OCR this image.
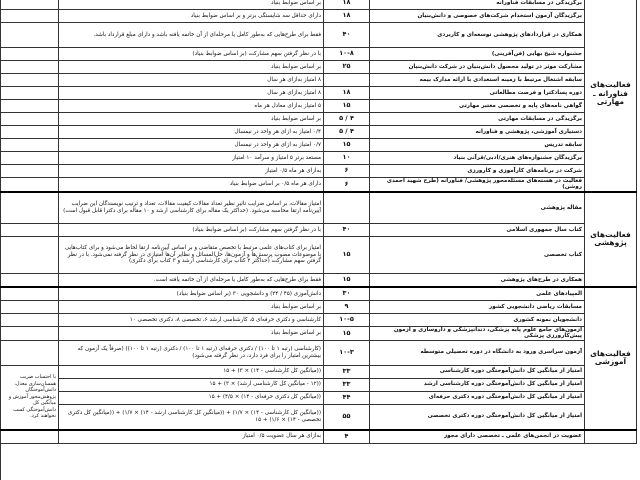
فعالیت‌های فناورانه ـ مهارتی	برگزیدگی در مسابقات فناورانه	۱۸	بر اساس ضوابط بنیاد	
	برگزیدگان آزمون استخدام شرکت‌های خصوصی و دانش‌بنیان	۱۸	دارای حداقل سه شایستگی برتر و بر اساس ضوابط بنیاد	
	همکاری در قراردادهای پژوهشی توسعه‌ای و کاربردی	۴۰	فقط برای طرح‌هایی که به‌طور کامل یا مرحله‌ای از آن خاتمه یافته باشد و دارای مبلغ قرارداد باشد.	
	جشنواره شیخ بهایی (فن‌آفرینی)	۱۰-۸	با در نظر گرفتن سهم مشارکت (بر اساس ضوابط بنیاد)	
	مشارکت موثر در تولید محصول دانش‌بنیان در شرکت دانش‌بنیان	۲۵	بر اساس ضوابط بنیاد	
	سابقه اشتغال مرتبط با زمینه استعدادی با ارائه مدارک بیمه		۸ امتیاز به‌ازای هر سال	
	دوره پسادکترا و فرصت مطالعاتی	۱۸	۸ امتیاز به‌ازای هر سال	
	گواهی نامه‌های پایه و تخصصی معتبر مهارتی	۱۵	۵ امتیاز به‌ازای معادل هر ماه	
	برگزیدگی در مسابقات مهارتی	۴ / ۵	بر اساس ضوابط بنیاد	
	دستیاری آموزشی، پژوهشی و فناورانه	۴ / ۵	۰/۴ امتیاز به ازای هر واحد در نیمسال	
	سابقه تدریس	۱۵	۰/۷ امتیاز به ازای هر واحد در نیمسال	
	برگزیدگان جشنواره‌های هنری/ادبی/قرآنی بنیاد	۱۰	مستعد برتر ۵ امتیاز و سرآمد ۱۰ امتیاز	
	شرکت در برنامه‌های کارآموزی و کارورزی	۶	به‌ازای هر ماه ۰/۵ امتیاز	
	فعالیت در هسته‌های مسئله‌محور پژوهشی/ فناورانه (طرح شهید احمدی روشن)	۶	دارای هر ماه ۰/۵ بر اساس ضوابط بنیاد	
فعالیت‌های پژوهشی	مقاله پژوهشی		امتیاز مقالات، بر اساس ضرایب تاثیر نظیر تعداد مقالات کیفیت مقالات، تعداد و ترتیب نویسندگان این ضرایب آیین‌نامه ارتقا محاسبه می‌شود. (حداکثر یک مقاله برای کارشناسی ارشد و ۱۰ مقاله برای دکترا قابل قبول است)	
	کتاب سال جمهوری اسلامی	۴۰	با در نظر گرفتن سهم مشارکت (بر اساس ضوابط بنیاد)	
	کتاب تخصصی	۱۵	امتیاز برای کتاب‌های علمی مرتبط با تخصص متقاضی و بر اساس آیین‌نامه ارتقا لحاظ می‌شود و برای کتاب‌هایی با موضوعات مصوب پرسش‌ها و آزمون‌ها، حل‌المسائل و نظایر آن‌ها امتیازی در نظر گرفته نمی‌شود. با در نظر گرفتن سهم مشارکت (حداکثر ۲ کتاب برای کارشناسی ارشد و ۳ کتاب برای دکتری)	
	همکاری در طرح‌های پژوهشی	۱۵	فقط برای طرح‌هایی که به‌طور کامل یا مرحله‌ای از آن خاتمه یافته است.	
فعالیت‌های آموزشی	المپیادهای علمی	۳۰	دانش‌آموزی (۴۵ / ۲۴) و دانشجویی ۳۰ (بر اساس ضوابط بنیاد)	
	مسابقات ریاضی دانشجویی کشور	۹	بر اساس ضوابط بنیاد	
	دانشجویان نمونه کشوری	۱۰-۵	کارشناسی و دکتری حرفه‌ای ۵، کارشناسی ارشد ۶، تخصصی ۸، دکتری تخصصی ۱۰	
	آزمون‌های جامع علوم پایه پزشکی، دندانپزشکی و داروسازی و آزمون پیش‌کارورزی پزشکی	۱۵	بر اساس ضوابط بنیاد	
	آزمون سراسری ورود به دانشگاه در دوره تحصیلی متوسطه	۱۰-۳	(کارشناسی (رتبه ۱ تا ۱۰۰) / دکتری حرفه‌ای (رتبه ۱ تا ۱۰۰) / دکتری (رتبه ۱ تا ۱۰۰)) (صرفاً یک آزمون که بیشترین امتیاز را برای فرد دارد، در نظر گرفته می‌شود)	
	امتیاز از میانگین کل دانش‌آموختگی دوره کارشناسی	۳۳	((میانگین کل کارشناسی - ۱۴) × ۳) + ۱۵	با احتساب ضریب همسان‌سازی معدل، دانش‌آموختگان پژوهش‌محور آموزش و میانگین کل دانش‌آموختگی کسب نخواهند کرد.
	امتیاز از میانگین کل دانش‌آموختگی دوره کارشناسی ارشد	۳۳	((۱۲ - میانگین کل کارشناسی ارشد) × ۳) + ۱۵	
	امتیاز از میانگین کل دانش‌آموختگی دوره دکتری حرفه‌ای	۴۴	((میانگین کل دکتری حرفه‌ای - ۱۴) × ۴/۵) + ۱۵	
	امتیاز از میانگین کل دانش‌آموختگی دوره دکتری تخصصی	۵۵	((میانگین کل کارشناسی - ۱۴) × ۱/۷) + ((میانگین کل کارشناسی ارشد - ۱۴) × ۱/۷) + ((میانگین کل دکتری تخصصی - ۱۴) × ۱/۶) + ۱۵	
	عضویت در انجمن‌های علمی ـ تخصصی دارای مجوز	۴	به‌ازای هر سال عضویت ۰/۵ امتیاز	
